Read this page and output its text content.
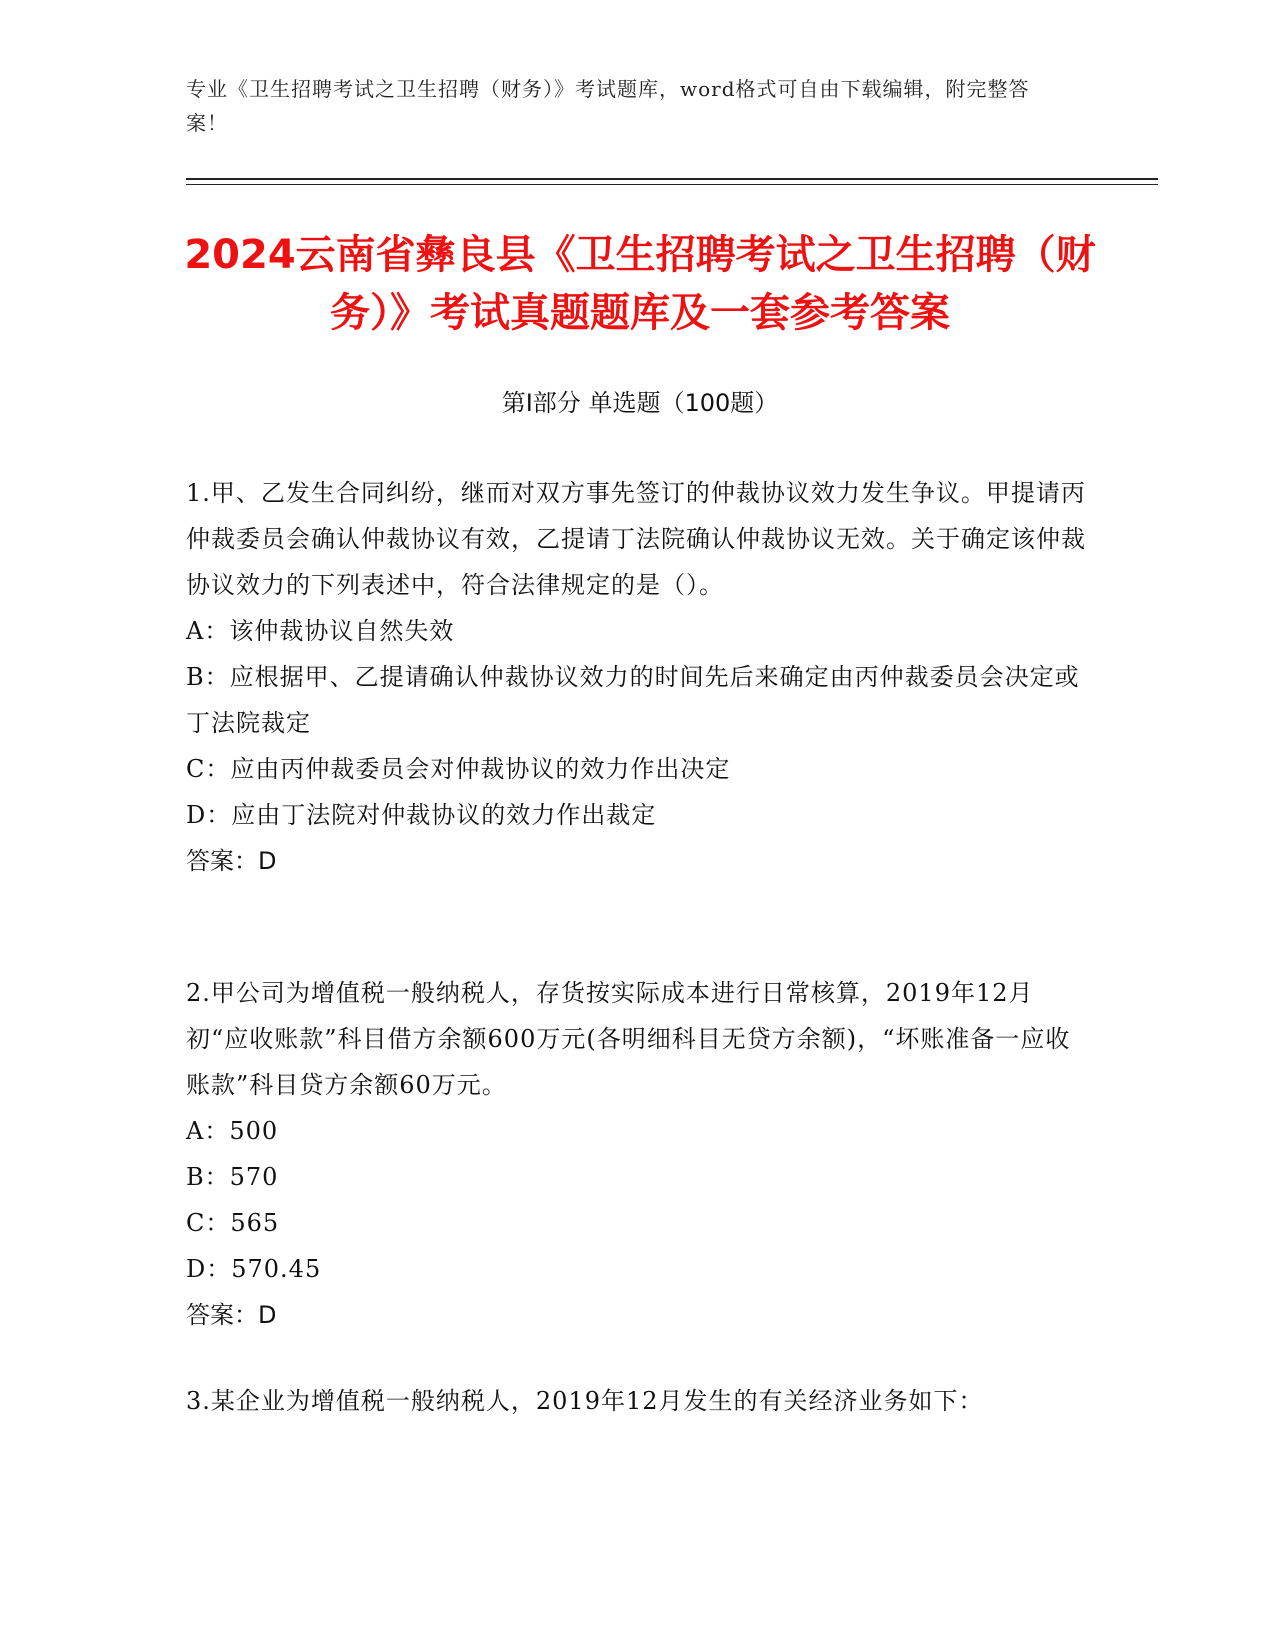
专业《卫生招聘考试之卫生招聘（财务）》考试题库，word格式可自由下载编辑，附完整答案！
2024云南省彝良县《卫生招聘考试之卫生招聘（财务）》考试真题题库及一套参考答案
第Ⅰ部分 单选题（100题）

1.甲、乙发生合同纠纷，继而对双方事先签订的仲裁协议效力发生争议。甲提请丙仲裁委员会确认仲裁协议有效，乙提请丁法院确认仲裁协议无效。关于确定该仲裁协议效力的下列表述中，符合法律规定的是（）。

A：该仲裁协议自然失效

B：应根据甲、乙提请确认仲裁协议效力的时间先后来确定由丙仲裁委员会决定或丁法院裁定

C：应由丙仲裁委员会对仲裁协议的效力作出决定

D：应由丁法院对仲裁协议的效力作出裁定

答案：D

2.甲公司为增值税一般纳税人，存货按实际成本进行日常核算，2019年12月初“应收账款”科目借方余额600万元(各明细科目无贷方余额)，“坏账准备一应收账款”科目贷方余额60万元。

A：500

B：570

C：565

D：570.45

答案：D

3.某企业为增值税一般纳税人，2019年12月发生的有关经济业务如下：
